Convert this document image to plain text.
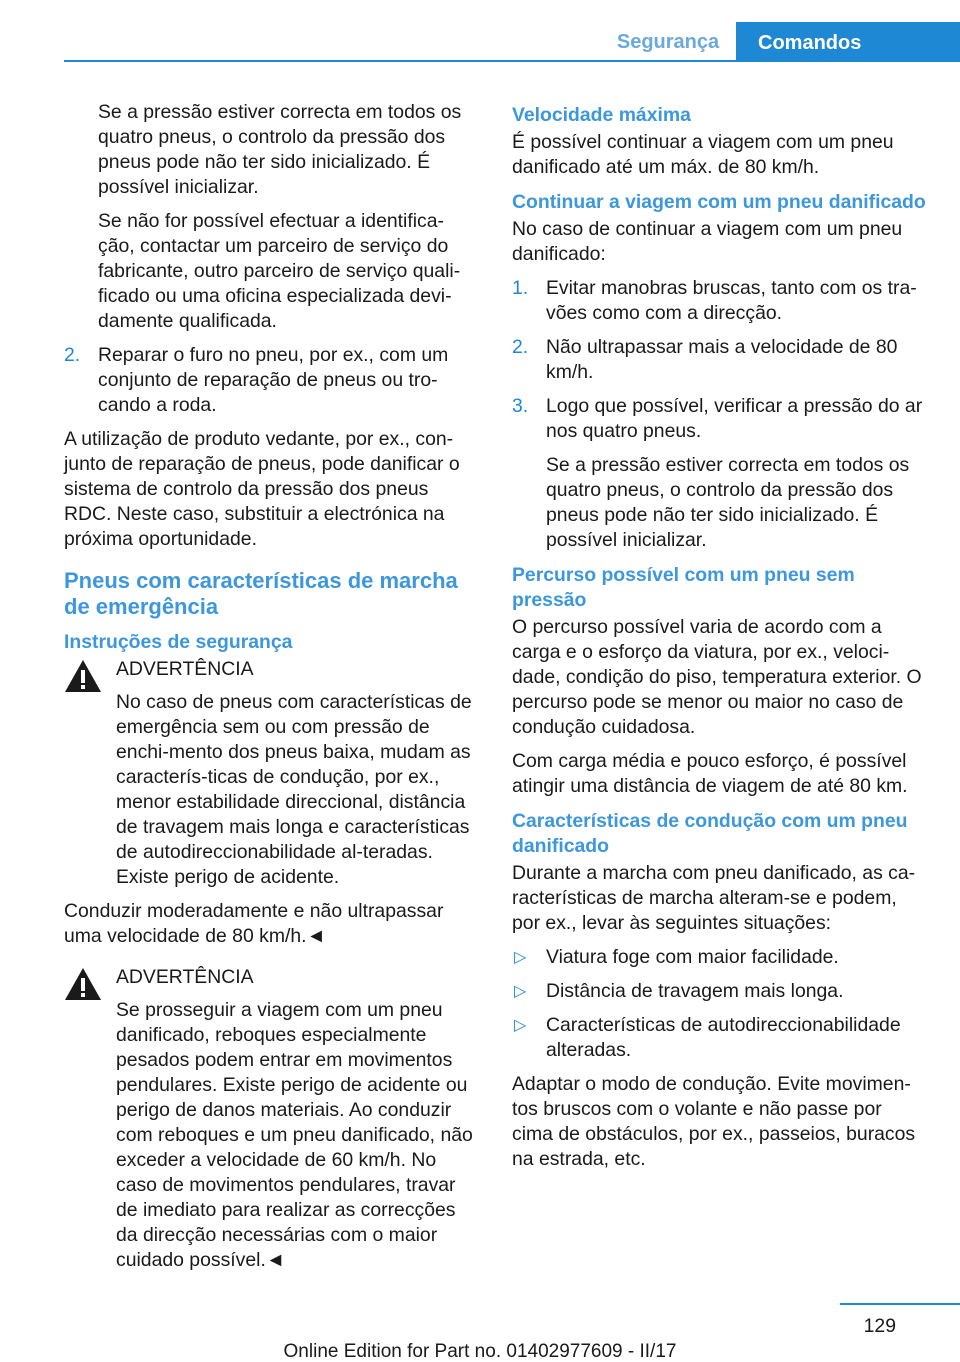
Segurança	Comandos

Se a pressão estiver correcta em todos os quatro pneus, o controlo da pressão dos pneus pode não ter sido inicializado. É possível inicializar.

Se não for possível efectuar a identifica‐ção, contactar um parceiro de serviço do fabricante, outro parceiro de serviço quali‐ficado ou uma oficina especializada devi‐damente qualificada.

2. Reparar o furo no pneu, por ex., com um conjunto de reparação de pneus ou tro‐cando a roda.

A utilização de produto vedante, por ex., con‐junto de reparação de pneus, pode danificar o sistema de controlo da pressão dos pneus RDC. Neste caso, substituir a electrónica na próxima oportunidade.

Pneus com características de marcha de emergência
Instruções de segurança
ADVERTÊNCIA

No caso de pneus com características de emergência sem ou com pressão de enchi‐mento dos pneus baixa, mudam as caracterís‐ticas de condução, por ex., menor estabilidade direccional, distância de travagem mais longa e características de autodireccionabilidade al‐teradas. Existe perigo de acidente.

Conduzir moderadamente e não ultrapassar uma velocidade de 80 km/h.◄

ADVERTÊNCIA

Se prosseguir a viagem com um pneu danificado, reboques especialmente pesados podem entrar em movimentos pendulares. Existe perigo de acidente ou perigo de danos materiais. Ao conduzir com reboques e um pneu danificado, não exceder a velocidade de 60 km/h. No caso de movimentos pendulares, travar de imediato para realizar as correcções da direcção necessárias com o maior cuidado possível.◄

Velocidade máxima

É possível continuar a viagem com um pneu danificado até um máx. de 80 km/h.

Continuar a viagem com um pneu danificado

No caso de continuar a viagem com um pneu danificado:

1. Evitar manobras bruscas, tanto com os tra‐vões como com a direcção.
2. Não ultrapassar mais a velocidade de 80 km/h.
3. Logo que possível, verificar a pressão do ar nos quatro pneus.

Se a pressão estiver correcta em todos os quatro pneus, o controlo da pressão dos pneus pode não ter sido inicializado. É possível inicializar.

Percurso possível com um pneu sem pressão

O percurso possível varia de acordo com a carga e o esforço da viatura, por ex., veloci‐dade, condição do piso, temperatura exterior. O percurso pode se menor ou maior no caso de condução cuidadosa.

Com carga média e pouco esforço, é possível atingir uma distância de viagem de até 80 km.

Características de condução com um pneu danificado

Durante a marcha com pneu danificado, as ca‐racterísticas de marcha alteram-se e podem, por ex., levar às seguintes situações:

▷ Viatura foge com maior facilidade.
▷ Distância de travagem mais longa.
▷ Características de autodireccionabilidade alteradas.

Adaptar o modo de condução. Evite movimen‐tos bruscos com o volante e não passe por cima de obstáculos, por ex., passeios, buracos na estrada, etc.

129
Online Edition for Part no. 01402977609 - II/17
